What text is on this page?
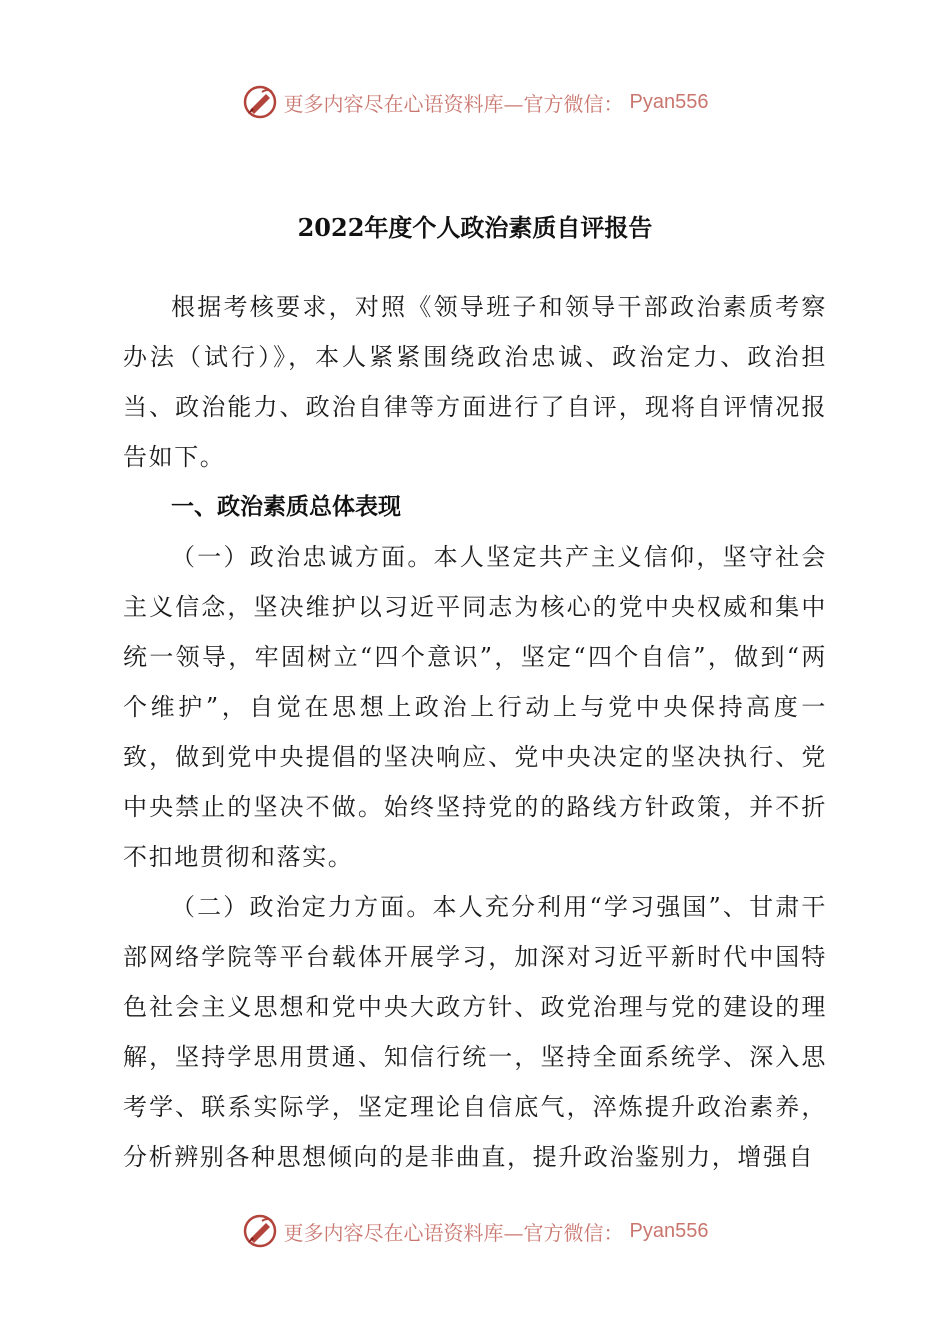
更多内容尽在心语资料库—官方微信： Pyan556
2022年度个人政治素质自评报告

根据考核要求，对照《领导班子和领导干部政治素质考察办法（试行）》，本人紧紧围绕政治忠诚、政治定力、政治担当、政治能力、政治自律等方面进行了自评，现将自评情况报告如下。

一、政治素质总体表现

（一）政治忠诚方面。本人坚定共产主义信仰，坚守社会主义信念，坚决维护以习近平同志为核心的党中央权威和集中统一领导，牢固树立“四个意识”，坚定“四个自信”，做到“两个维护”，自觉在思想上政治上行动上与党中央保持高度一致，做到党中央提倡的坚决响应、党中央决定的坚决执行、党中央禁止的坚决不做。始终坚持党的的路线方针政策，并不折不扣地贯彻和落实。

（二）政治定力方面。本人充分利用“学习强国”、甘肃干部网络学院等平台载体开展学习，加深对习近平新时代中国特色社会主义思想和党中央大政方针、政党治理与党的建设的理解，坚持学思用贯通、知信行统一，坚持全面系统学、深入思考学、联系实际学，坚定理论自信底气，淬炼提升政治素养，分析辨别各种思想倾向的是非曲直，提升政治鉴别力，增强自

更多内容尽在心语资料库—官方微信： Pyan556
